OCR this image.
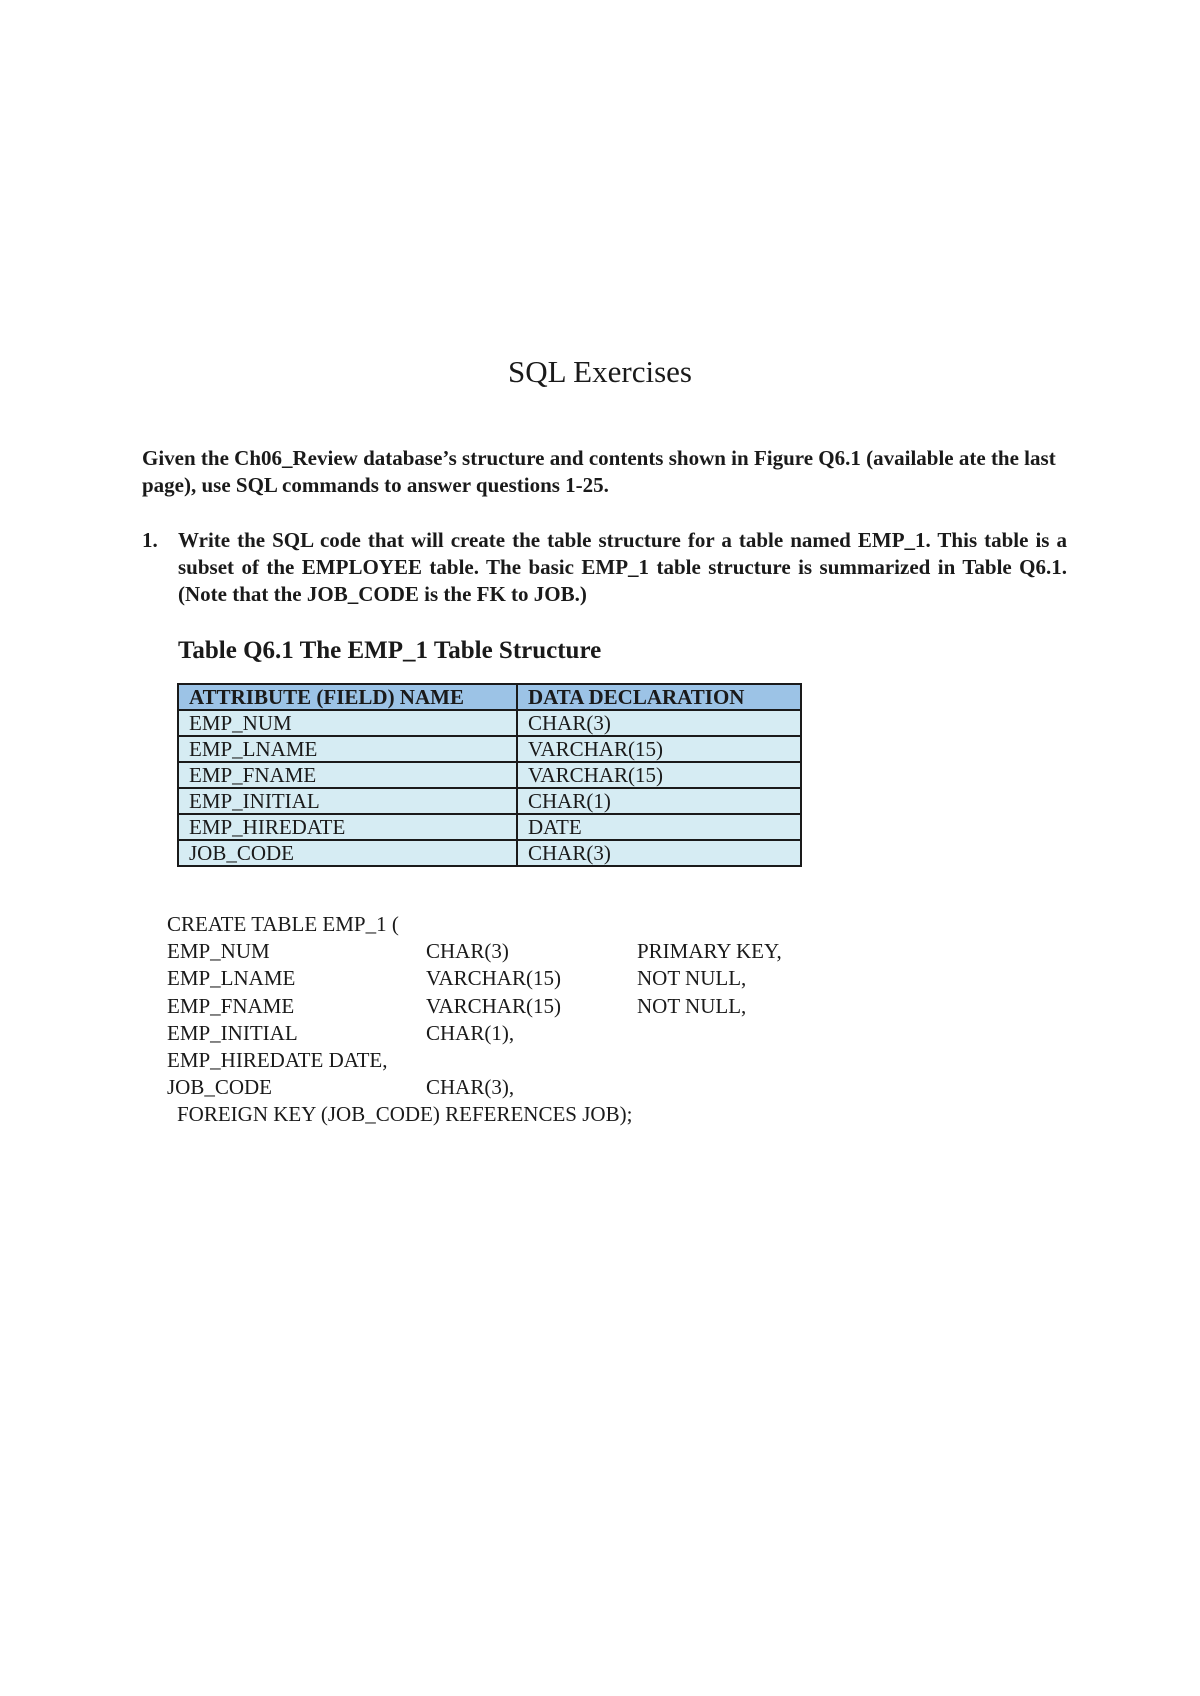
SQL Exercises

Given the Ch06_Review database’s structure and contents shown in Figure Q6.1 (available ate the last page), use SQL commands to answer questions 1-25.

1. Write the SQL code that will create the table structure for a table named EMP_1. This table is a subset of the EMPLOYEE table. The basic EMP_1 table structure is summarized in Table Q6.1. (Note that the JOB_CODE is the FK to JOB.)

Table Q6.1 The EMP_1 Table Structure
ATTRIBUTE (FIELD) NAME	DATA DECLARATION
EMP_NUM	CHAR(3)
EMP_LNAME	VARCHAR(15)
EMP_FNAME	VARCHAR(15)
EMP_INITIAL	CHAR(1)
EMP_HIREDATE	DATE
JOB_CODE	CHAR(3)
CREATE TABLE EMP_1 (
EMP_NUM	CHAR(3)	PRIMARY KEY,
EMP_LNAME	VARCHAR(15)	NOT NULL,
EMP_FNAME	VARCHAR(15)	NOT NULL,
EMP_INITIAL	CHAR(1),
EMP_HIREDATE DATE,
JOB_CODE	CHAR(3),
FOREIGN KEY (JOB_CODE) REFERENCES JOB);
